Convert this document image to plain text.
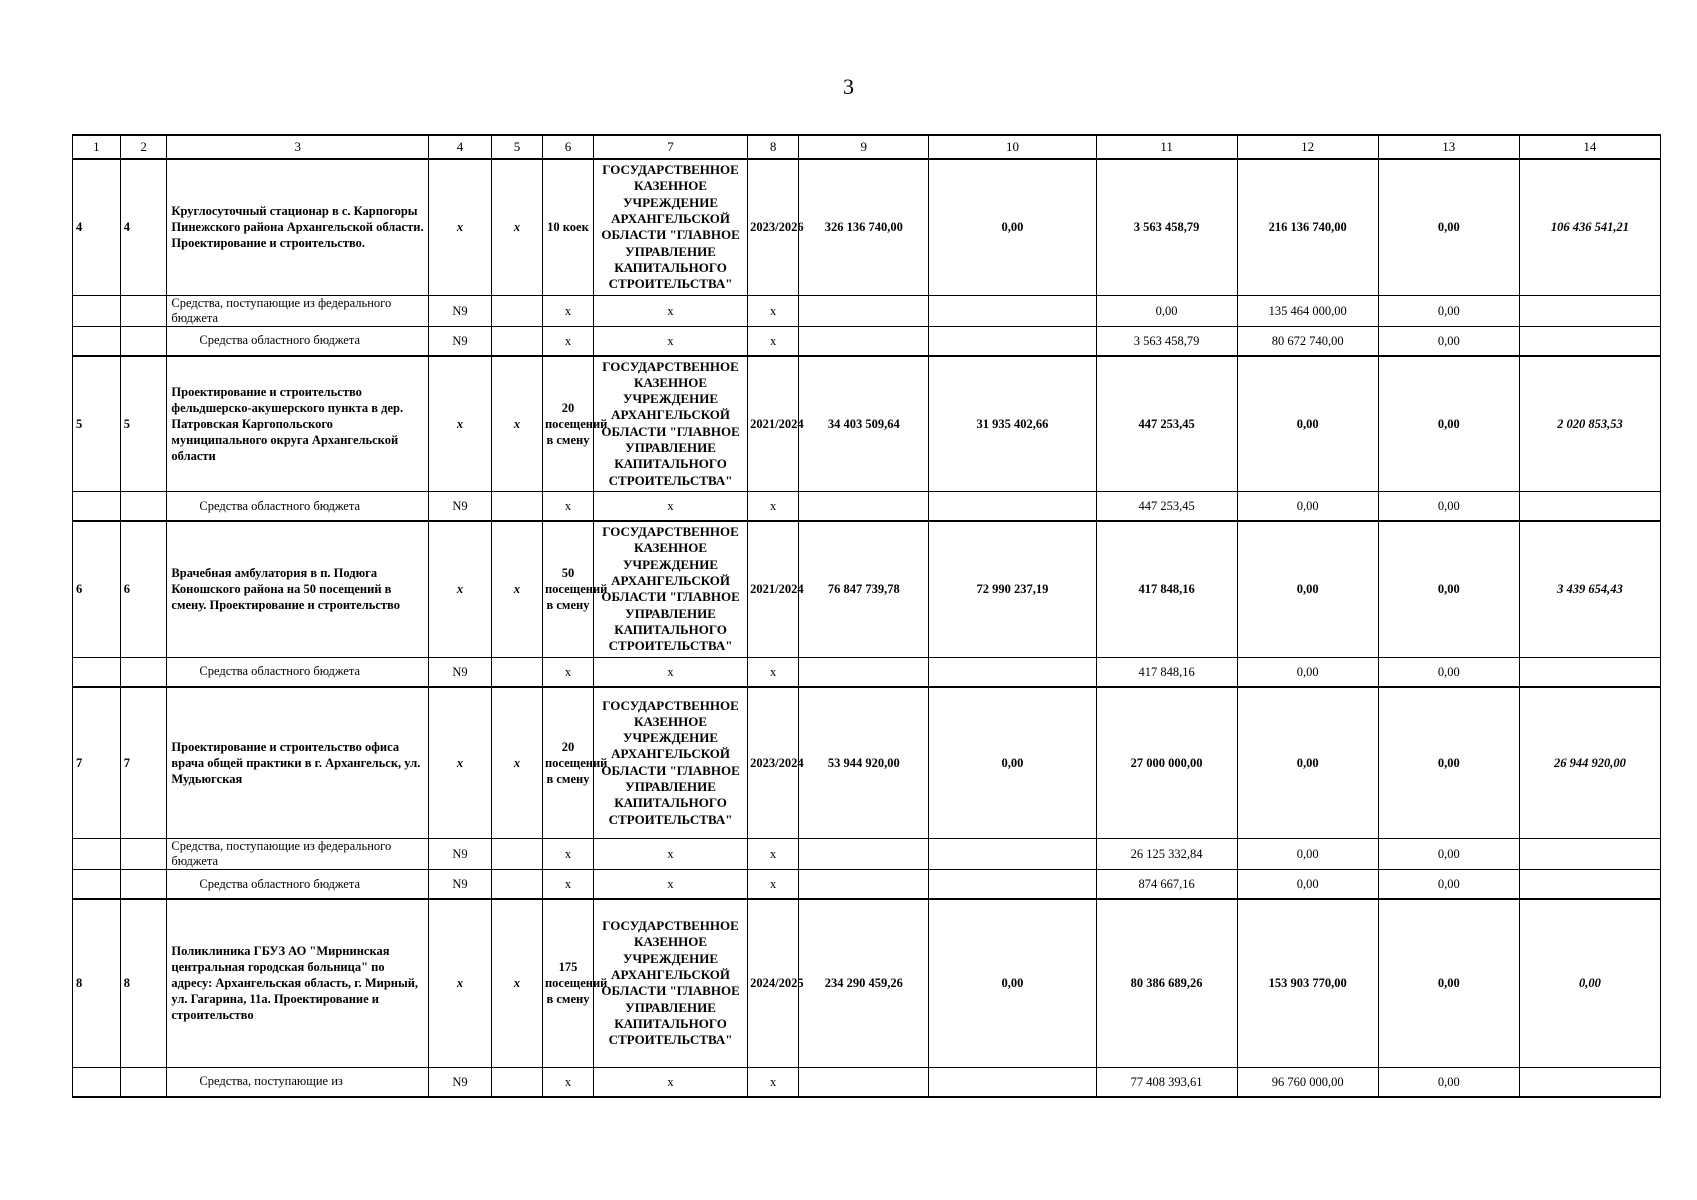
3
1	2	3	4	5	6	7	8	9	10	11	12	13	14
4	4	Круглосуточный стационар в с. Карпогоры Пинежского района Архангельской области. Проектирование и строительство.	x	x	10 коек	ГОСУДАРСТВЕННОЕ КАЗЕННОЕ УЧРЕЖДЕНИЕ АРХАНГЕЛЬСКОЙ ОБЛАСТИ "ГЛАВНОЕ УПРАВЛЕНИЕ КАПИТАЛЬНОГО СТРОИТЕЛЬСТВА"	2023/2026	326 136 740,00	0,00	3 563 458,79	216 136 740,00	0,00	106 436 541,21
		Средства, поступающие из федерального бюджета	N9		x	x	x			0,00	135 464 000,00	0,00	
		Средства областного бюджета	N9		x	x	x			3 563 458,79	80 672 740,00	0,00	
5	5	Проектирование и строительство фельдшерско-акушерского пункта в дер. Патровская Каргопольского муниципального округа Архангельской области	x	x	20 посещений в смену	ГОСУДАРСТВЕННОЕ КАЗЕННОЕ УЧРЕЖДЕНИЕ АРХАНГЕЛЬСКОЙ ОБЛАСТИ "ГЛАВНОЕ УПРАВЛЕНИЕ КАПИТАЛЬНОГО СТРОИТЕЛЬСТВА"	2021/2024	34 403 509,64	31 935 402,66	447 253,45	0,00	0,00	2 020 853,53
		Средства областного бюджета	N9		x	x	x			447 253,45	0,00	0,00	
6	6	Врачебная амбулатория в п. Подюга Коношского района на 50 посещений в смену. Проектирование и строительство	x	x	50 посещений в смену	ГОСУДАРСТВЕННОЕ КАЗЕННОЕ УЧРЕЖДЕНИЕ АРХАНГЕЛЬСКОЙ ОБЛАСТИ "ГЛАВНОЕ УПРАВЛЕНИЕ КАПИТАЛЬНОГО СТРОИТЕЛЬСТВА"	2021/2024	76 847 739,78	72 990 237,19	417 848,16	0,00	0,00	3 439 654,43
		Средства областного бюджета	N9		x	x	x			417 848,16	0,00	0,00	
7	7	Проектирование и строительство офиса врача общей практики в г. Архангельск, ул. Мудьюгская	x	x	20 посещений в смену	ГОСУДАРСТВЕННОЕ КАЗЕННОЕ УЧРЕЖДЕНИЕ АРХАНГЕЛЬСКОЙ ОБЛАСТИ "ГЛАВНОЕ УПРАВЛЕНИЕ КАПИТАЛЬНОГО СТРОИТЕЛЬСТВА"	2023/2024	53 944 920,00	0,00	27 000 000,00	0,00	0,00	26 944 920,00
		Средства, поступающие из федерального бюджета	N9		x	x	x			26 125 332,84	0,00	0,00	
		Средства областного бюджета	N9		x	x	x			874 667,16	0,00	0,00	
8	8	Поликлиника ГБУЗ АО "Мирнинская центральная городская больница" по адресу: Архангельская область, г. Мирный, ул. Гагарина, 11а. Проектирование и строительство	x	x	175 посещений в смену	ГОСУДАРСТВЕННОЕ КАЗЕННОЕ УЧРЕЖДЕНИЕ АРХАНГЕЛЬСКОЙ ОБЛАСТИ "ГЛАВНОЕ УПРАВЛЕНИЕ КАПИТАЛЬНОГО СТРОИТЕЛЬСТВА"	2024/2025	234 290 459,26	0,00	80 386 689,26	153 903 770,00	0,00	0,00
		Средства, поступающие из	N9		x	x	x			77 408 393,61	96 760 000,00	0,00	
